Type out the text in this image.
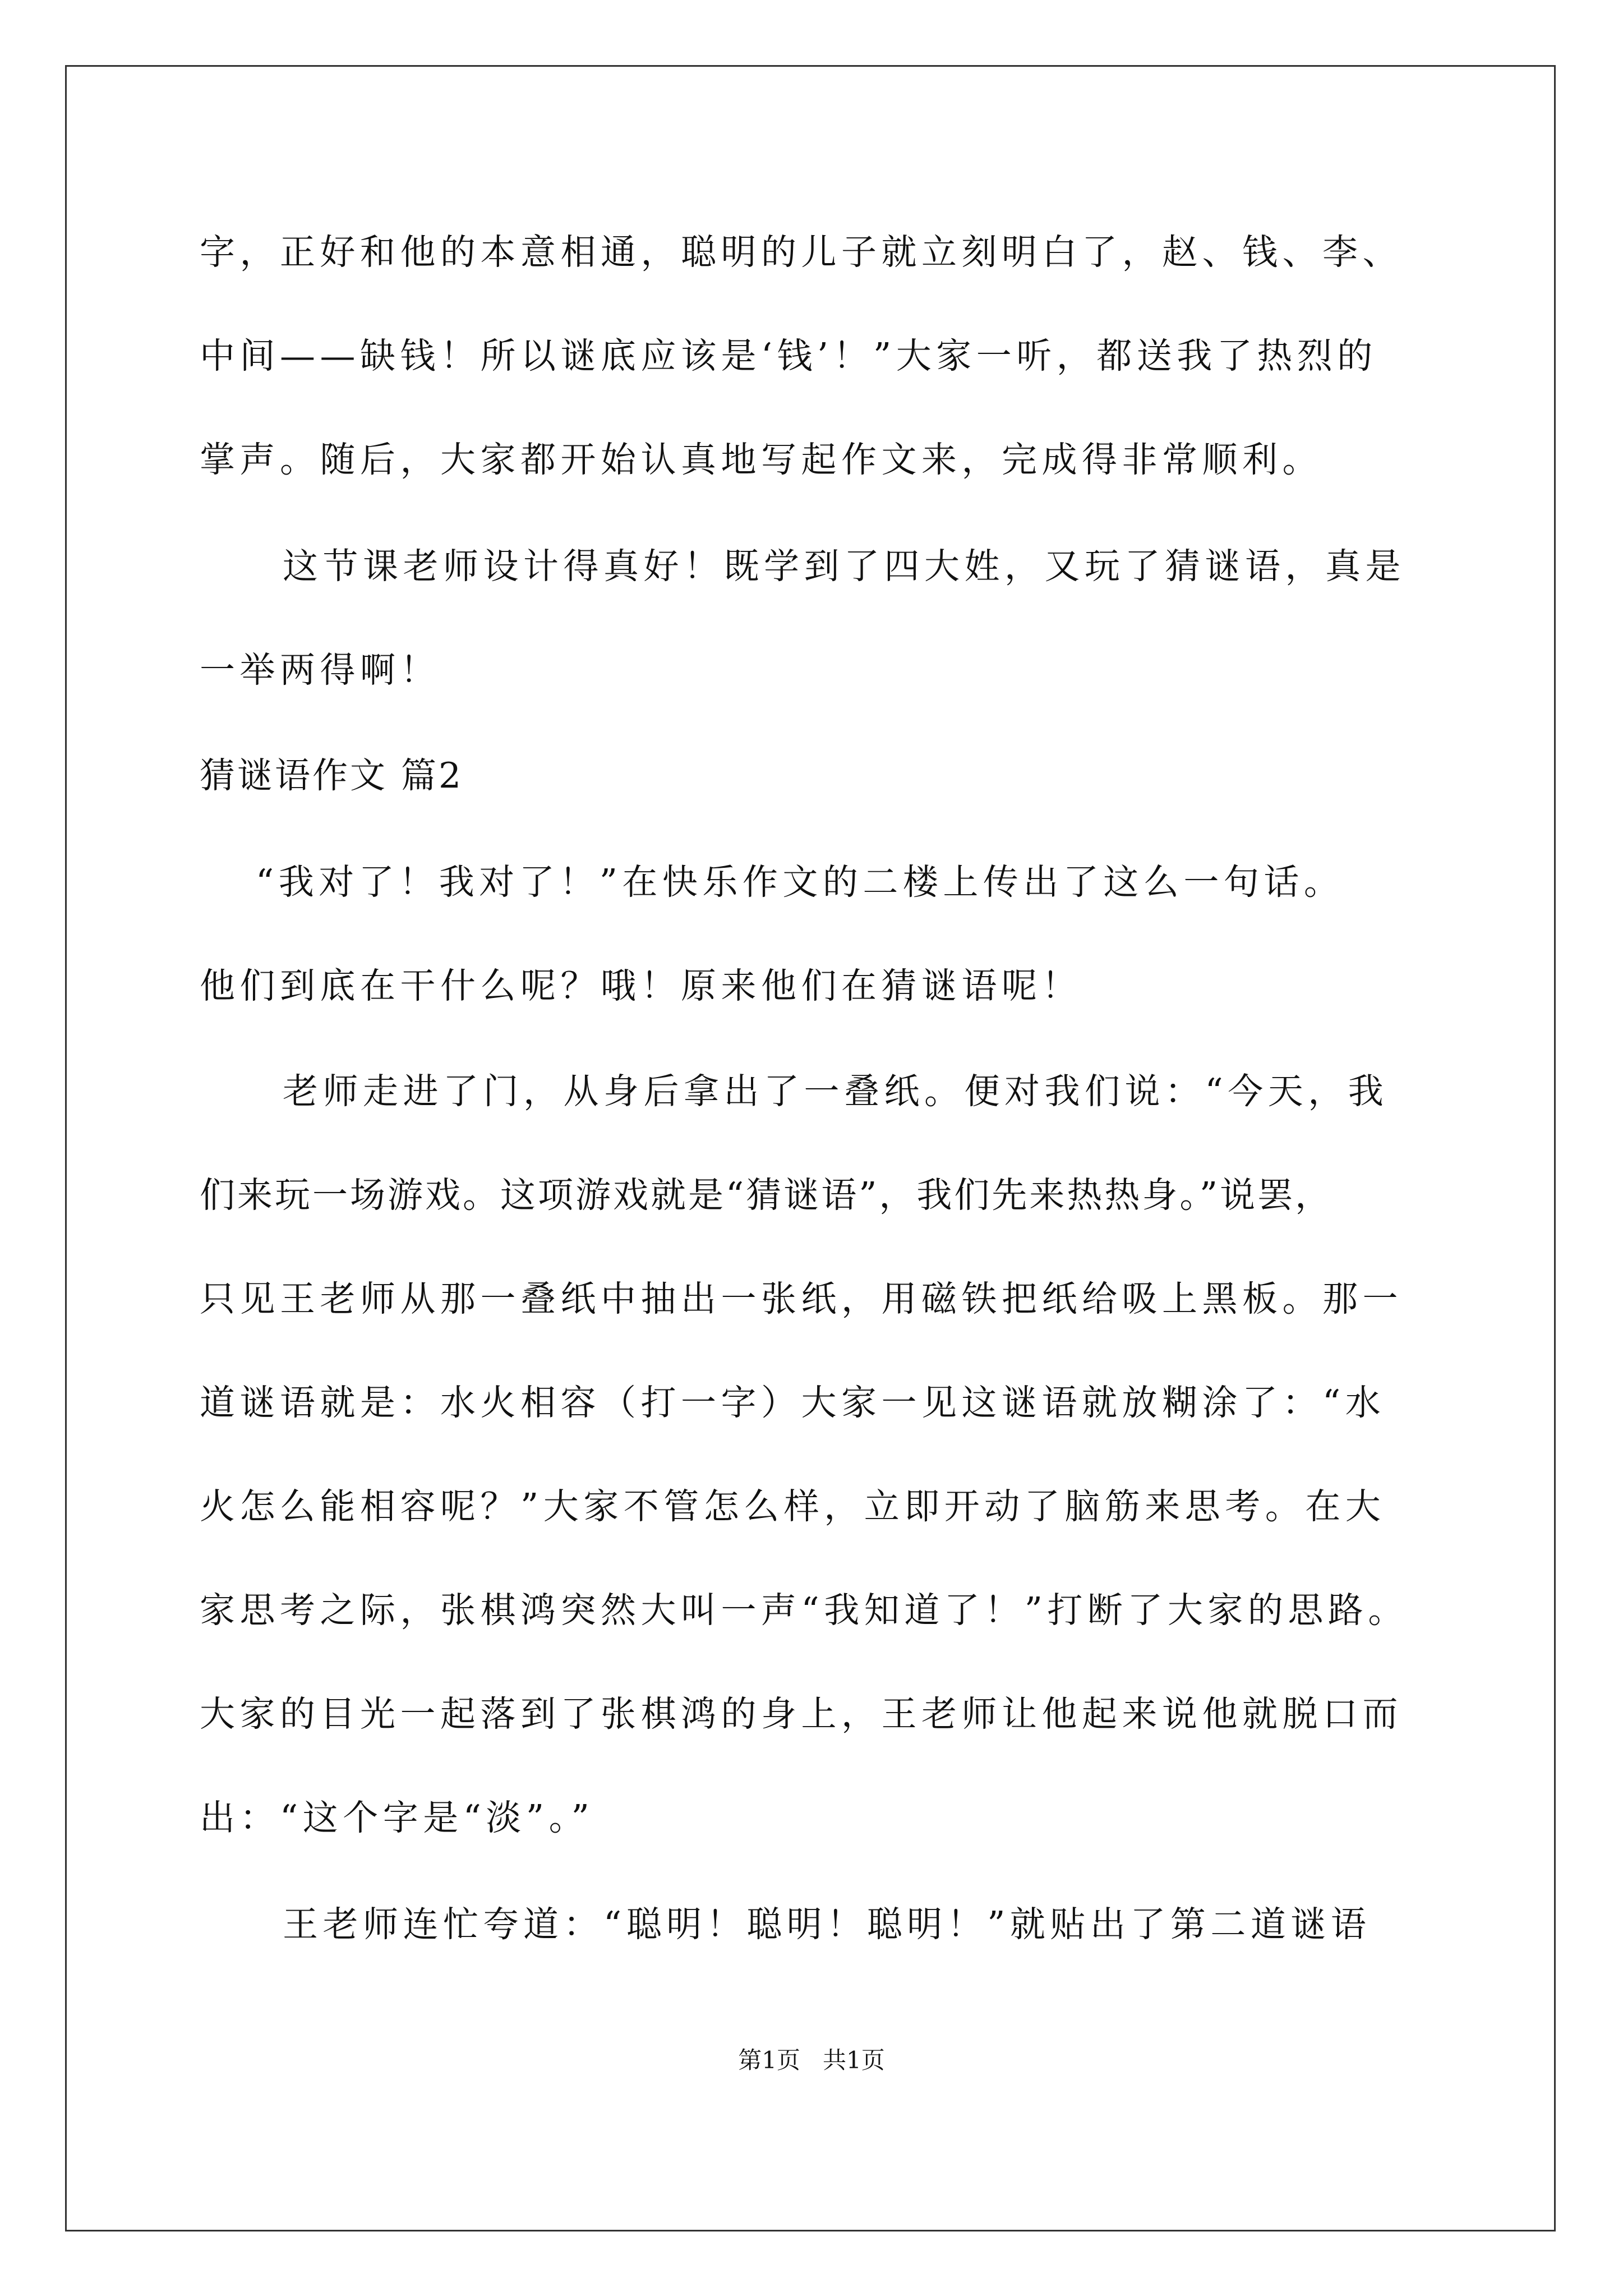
字，正好和他的本意相通，聪明的儿子就立刻明白了，赵、钱、李、
中间——缺钱！所以谜底应该是‘钱’！”大家一听，都送我了热烈的
掌声。随后，大家都开始认真地写起作文来，完成得非常顺利。
这节课老师设计得真好！既学到了四大姓，又玩了猜谜语，真是
一举两得啊！
猜谜语作文 篇2
“我对了！我对了！”在快乐作文的二楼上传出了这么一句话。
他们到底在干什么呢？哦！原来他们在猜谜语呢！
老师走进了门，从身后拿出了一叠纸。便对我们说：“今天，我
们来玩一场游戏。这项游戏就是“猜谜语”，我们先来热热身。”说罢，
只见王老师从那一叠纸中抽出一张纸，用磁铁把纸给吸上黑板。那一
道谜语就是：水火相容（打一字）大家一见这谜语就放糊涂了：“水
火怎么能相容呢？”大家不管怎么样，立即开动了脑筋来思考。在大
家思考之际，张棋鸿突然大叫一声“我知道了！”打断了大家的思路。
大家的目光一起落到了张棋鸿的身上，王老师让他起来说他就脱口而
出：“这个字是“淡”。”
王老师连忙夸道：“聪明！聪明！聪明！”就贴出了第二道谜语
第1页   共1页
